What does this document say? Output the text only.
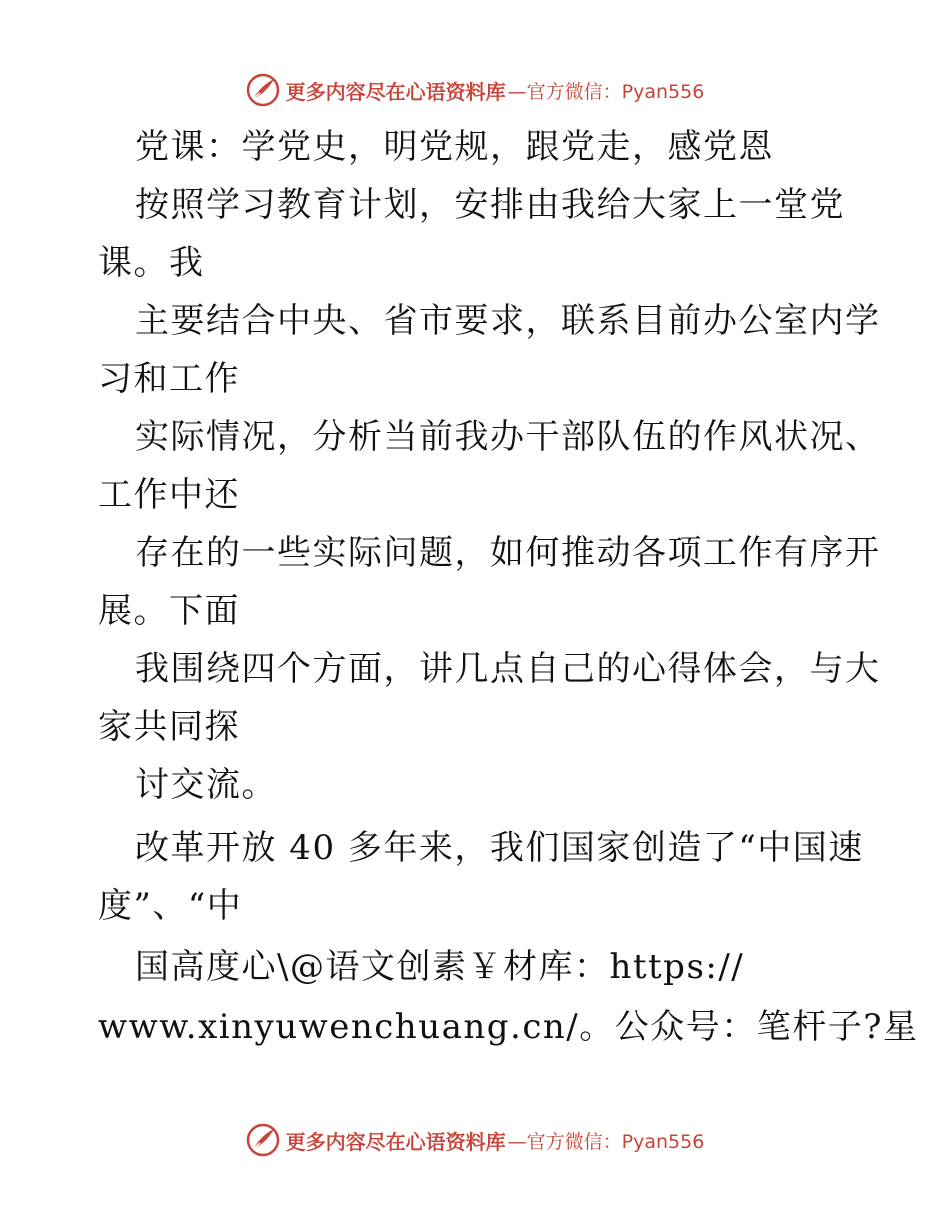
更多内容尽在心语资料库 —官方微信：Pyan556
党课：学党史，明党规，跟党走，感党恩
按照学习教育计划，安排由我给大家上一堂党
课。我
主要结合中央、省市要求，联系目前办公室内学
习和工作
实际情况，分析当前我办干部队伍的作风状况、
工作中还
存在的一些实际问题，如何推动各项工作有序开
展。下面
我围绕四个方面，讲几点自己的心得体会，与大
家共同探
讨交流。
改革开放 40 多年来，我们国家创造了“中国速
度”、“中
国高度心\@语文创素￥材库：https://
www.xinyuwenchuang.cn/。公众号：笔杆子?星
更多内容尽在心语资料库 —官方微信：Pyan556
